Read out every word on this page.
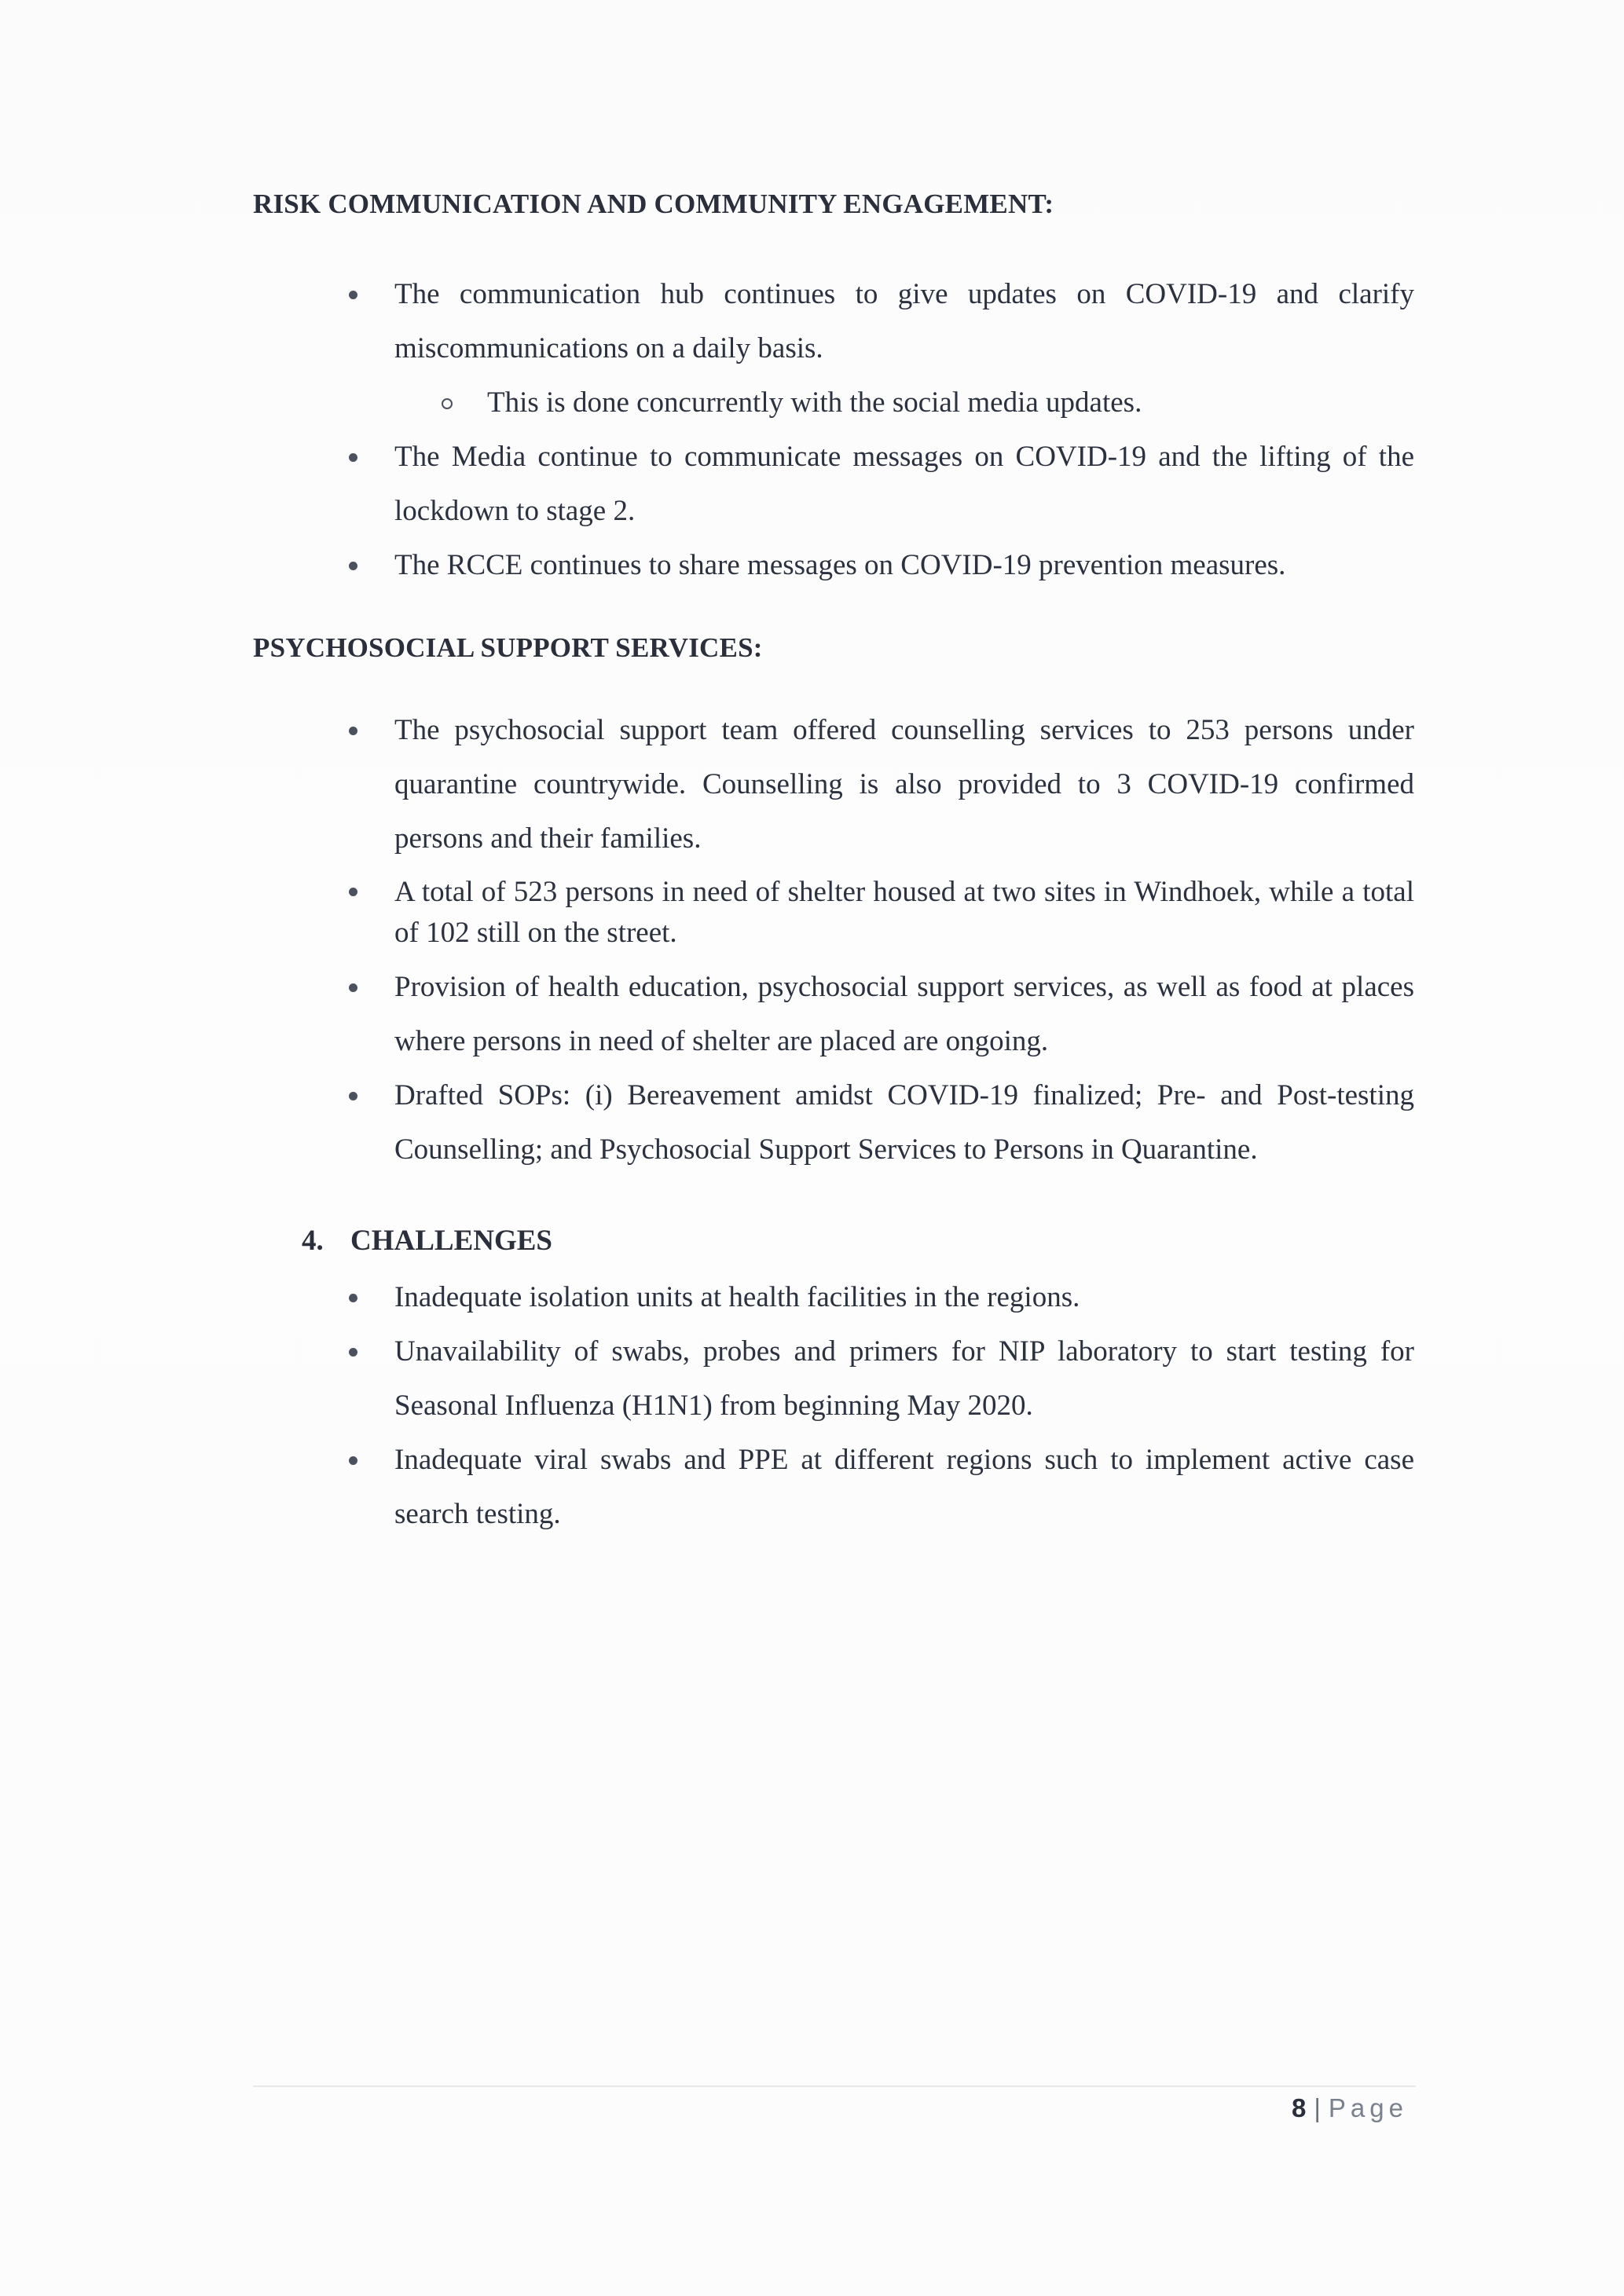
RISK COMMUNICATION AND COMMUNITY ENGAGEMENT:
The communication hub continues to give updates on COVID-19 and clarify miscommunications on a daily basis.
This is done concurrently with the social media updates.
The Media continue to communicate messages on COVID-19 and the lifting of the lockdown to stage 2.
The RCCE continues to share messages on COVID-19 prevention measures.
PSYCHOSOCIAL SUPPORT SERVICES:
The psychosocial support team offered counselling services to 253 persons under quarantine countrywide. Counselling is also provided to 3 COVID-19 confirmed persons and their families.
A total of 523 persons in need of shelter housed at two sites in Windhoek, while a total of 102 still on the street.
Provision of health education, psychosocial support services, as well as food at places where persons in need of shelter are placed are ongoing.
Drafted SOPs: (i) Bereavement amidst COVID-19 finalized; Pre- and Post-testing Counselling; and Psychosocial Support Services to Persons in Quarantine.
4. CHALLENGES
Inadequate isolation units at health facilities in the regions.
Unavailability of swabs, probes and primers for NIP laboratory to start testing for Seasonal Influenza (H1N1) from beginning May 2020.
Inadequate viral swabs and PPE at different regions such to implement active case search testing.
8 | Page
